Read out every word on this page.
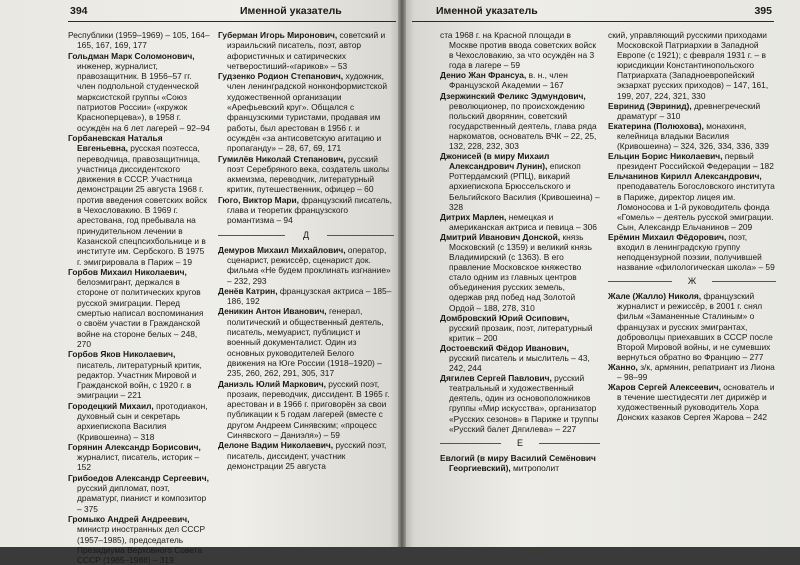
394	Именной указатель
Республики (1959–1969) – 105, 164–165, 167, 169, 177
Гольдман Марк Соломонович, инженер, журналист, правозащитник. В 1956–57 гг. член подпольной студенческой марксистской группы «Союз патриотов России» («кружок Красноперцева»), в 1958 г. осуждён на 6 лет лагерей – 92–94
Горбаневская Наталья Евгеньевна, русская поэтесса, переводчица, правозащитница, участница диссидентского движения в СССР. Участница демонстрации 25 августа 1968 г. против введения советских войск в Чехословакию. В 1969 г. арестована, год пребывала на принудительном лечении в Казанской спецпсихбольнице и в институте им. Сербского. В 1975 г. эмигрировала в Париж – 19
Горбов Михаил Николаевич, белоэмигрант, держался в стороне от политических кругов русской эмиграции. Перед смертью написал воспоминания о своём участии в Гражданской войне на стороне белых – 248, 270
Горбов Яков Николаевич, писатель, литературный критик, редактор. Участник Мировой и Гражданской войн, с 1920 г. в эмиграции – 221
Городецкий Михаил, протодиакон, духовный сын и секретарь архиепископа Василия (Кривошеина) – 318
Горянин Александр Борисович, журналист, писатель, историк – 152
Грибоедов Александр Сергеевич, русский дипломат, поэт, драматург, пианист и композитор – 375
Громыко Андрей Андреевич, министр иностранных дел СССР (1957–1985), председатель Президиума Верховного Совета СССР (1985–1988) – 319
Губерман Игорь Миронович, советский и израильский писатель, поэт, автор афористичных и сатирических четверостиший-«гариков» – 53
Гудзенко Родион Степанович, художник, член ленинградской нонконформистской художественной организации «Арефьевский круг». Общался с французскими туристами, продавая им работы, был арестован в 1956 г. и осуждён «за антисоветскую агитацию и пропаганду» – 28, 67, 69, 171
Гумилёв Николай Степанович, русский поэт Серебряного века, создатель школы акмеизма, переводчик, литературный критик, путешественник, офицер – 60
Гюго, Виктор Мари, французский писатель, глава и теоретик французского романтизма – 94
Д
Демуров Михаил Михайлович, оператор, сценарист, режиссёр, сценарист док. фильма «Не будем проклинать изгнание» – 232, 293
Денёв Катрин, французская актриса – 185–186, 192
Деникин Антон Иванович, генерал, политический и общественный деятель, писатель, мемуарист, публицист и военный документалист. Один из основных руководителей Белого движения на Юге России (1918–1920) – 235, 260, 262, 291, 305, 317
Даниэль Юлий Маркович, русский поэт, прозаик, переводчик, диссидент. В 1965 г. арестован и в 1966 г. приговорён за свои публикации к 5 годам лагерей (вместе с другом Андреем Синявским; «процесс Синявского – Даниэля») – 59
Делоне Вадим Николаевич, русский поэт, писатель, диссидент, участник демонстрации 25 августа
Именной указатель	395
ста 1968 г. на Красной площади в Москве против ввода советских войск в Чехословакию, за что осуждён на 3 года в лагере – 59
Денио Жан Франсуа, в. н., член Французской Академии – 167
Дзержинский Феликс Эдмундович, революционер, по происхождению польский дворянин, советский государственный деятель, глава ряда наркоматов, основатель ВЧК – 22, 25, 132, 228, 232, 303
Джонисей (в миру Михаил Александрович Лунин), епископ Роттердамский (РПЦ), викарий архиепископа Брюссельского и Бельгийского Василия (Кривошеина) – 328
Дитрих Марлен, немецкая и американская актриса и певица – 306
Дмитрий Иванович Донской, князь Московский (с 1359) и великий князь Владимирский (с 1363). В его правление Московское княжество стало одним из главных центров объединения русских земель, одержав ряд побед над Золотой Ордой – 188, 278, 310
Домбровский Юрий Осипович, русский прозаик, поэт, литературный критик – 200
Достоевский Фёдор Иванович, русский писатель и мыслитель – 43, 242, 244
Дягилев Сергей Павлович, русский театральный и художественный деятель, один из основоположников группы «Мир искусства», организатор «Русских сезонов» в Париже и труппы «Русский балет Дягилева» – 227
Е
Евлогий (в миру Василий Семёнович Георгиевский), митрополит
ский, управляющий русскими приходами Московской Патриархии в Западной Европе (с 1921); с февраля 1931 г. – в юрисдикции Константинопольского Патриархата (Западноевропейский экзархат русских приходов) – 147, 161, 199, 207, 224, 321, 330
Евринид (Эвринид), древнегреческий драматург – 310
Екатерина (Полюхова), монахиня, келейница владыки Василия (Кривошеина) – 324, 326, 334, 336, 339
Ельцин Борис Николаевич, первый президент Российской Федерации – 182
Ельчанинов Кирилл Александрович, преподаватель Богословского института в Париже, директор лицея им. Ломоносова и 1-й руководитель фонда «Гомель» – деятель русской эмиграции. Сын, Александр Ельчанинов – 209
Ерёмин Михаил Фёдорович, поэт, входил в ленинградскую группу неподцензурной поэзии, получившей название «филологическая школа» – 59
Ж
Жале (Жалло) Николя, французский журналист и режиссёр, в 2001 г. снял фильм «Заманенные Сталиным» о французах и русских эмигрантах, доброволцы приехавших в СССР после Второй Мировой войны, и не сумевших вернуться обратно во Францию – 277
Жанно, з/к, армянин, репатриант из Лиона – 98–99
Жаров Сергей Алексеевич, основатель и в течение шестидесяти лет дирижёр и художественный руководитель Хора Донских казаков Сергея Жарова – 242
